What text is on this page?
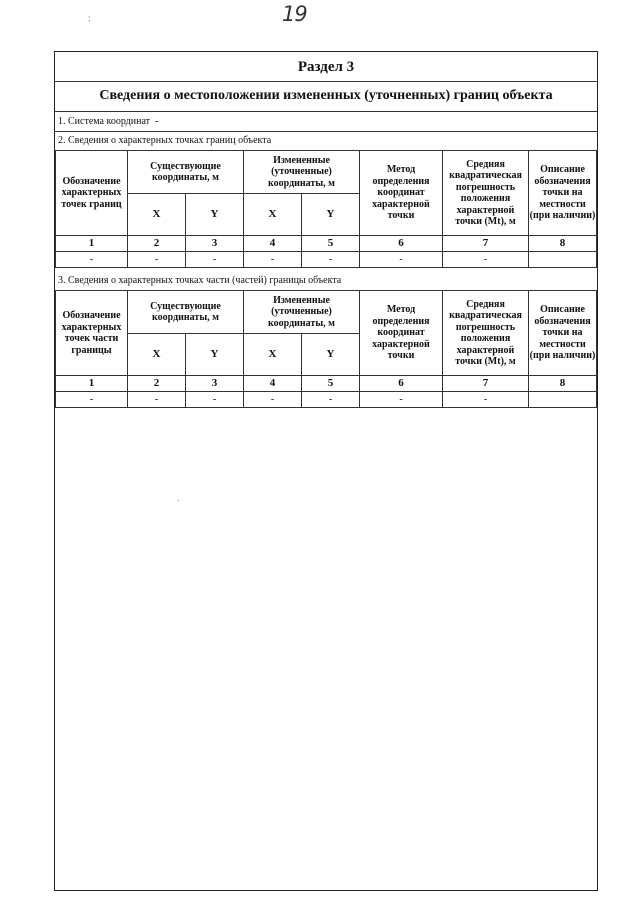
:	19
Раздел 3
Сведения о местоположении измененных (уточненных) границ объекта
1. Система координат -
2. Сведения о характерных точках границ объекта
Обозначение характерных точек границ	Существующие координаты, м		Измененные (уточненные) координаты, м		Метод определения координат характерной точки	Средняя квадратическая погрешность положения характерной точки (Mt), м	Описание обозначения точки на местности (при наличии)
	X	Y	X	Y			
1	2	3	4	5	6	7	8
-	-	-	-	-	-	-	
3. Сведения о характерных точках части (частей) границы объекта
Обозначение характерных точек части границы	Существующие координаты, м		Измененные (уточненные) координаты, м		Метод определения координат характерной точки	Средняя квадратическая погрешность положения характерной точки (Mt), м	Описание обозначения точки на местности (при наличии)
	X	Y	X	Y			
1	2	3	4	5	6	7	8
-	-	-	-	-	-	-	
